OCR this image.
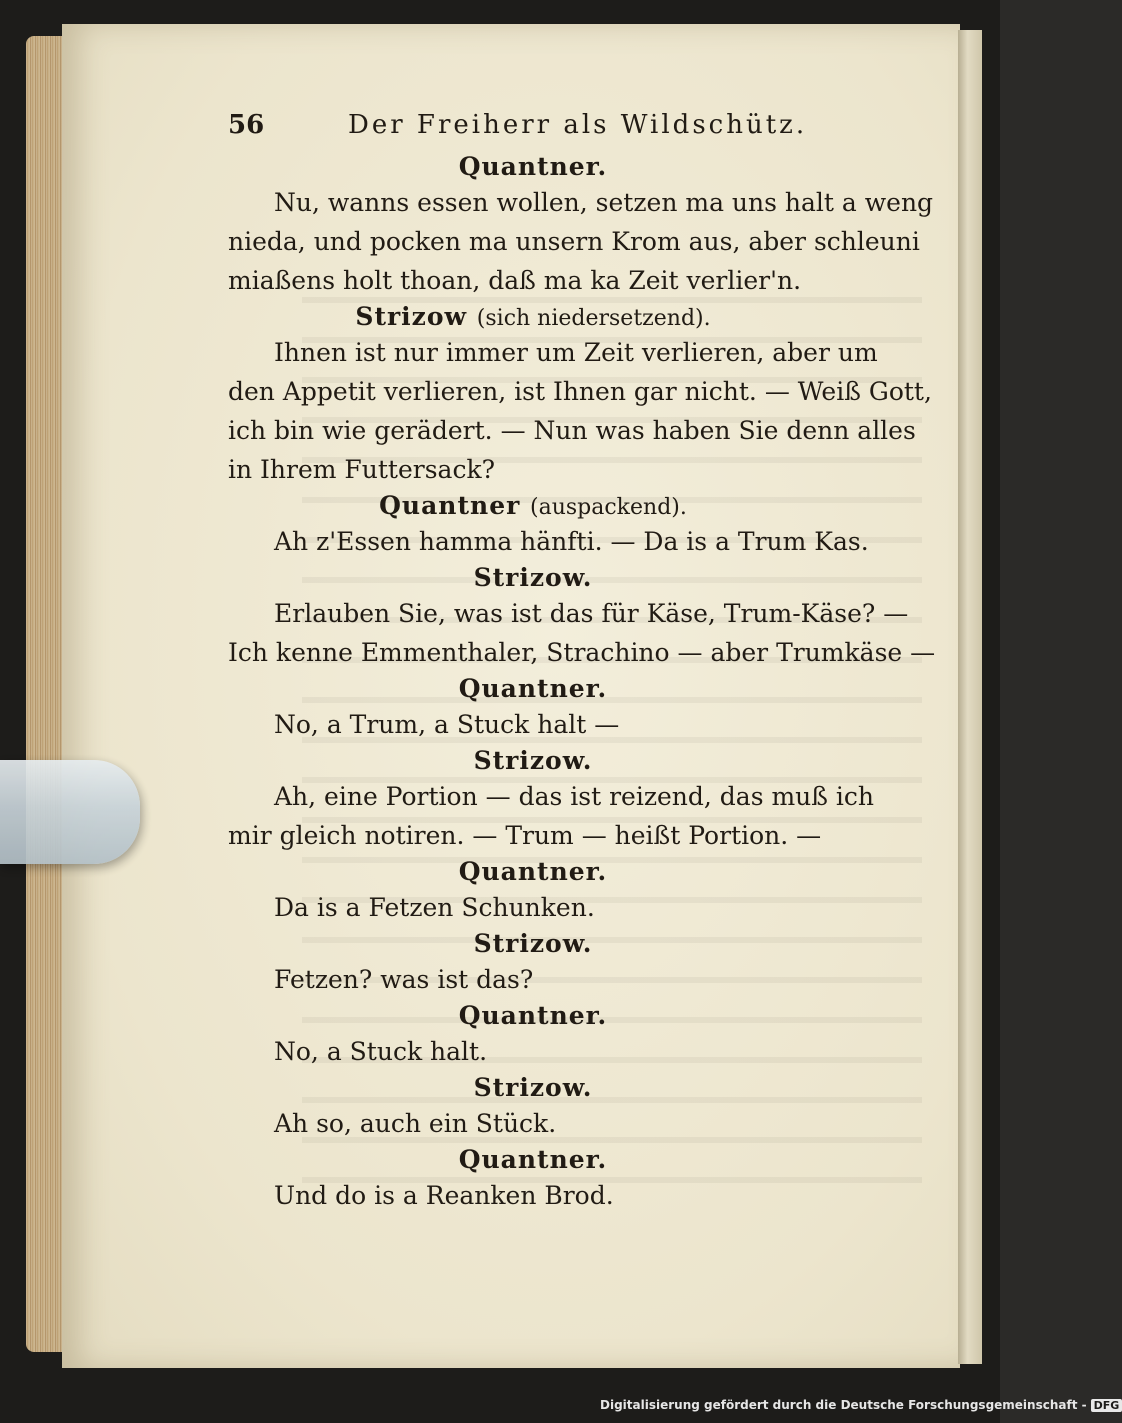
56	Der Freiherr als Wildschütz.
Quantner.
Nu, wanns essen wollen, setzen ma uns halt a weng
nieda, und pocken ma unsern Krom aus, aber schleuni
miaßens holt thoan, daß ma ka Zeit verlier'n.
Strizow (sich niedersetzend).
Ihnen ist nur immer um Zeit verlieren, aber um
den Appetit verlieren, ist Ihnen gar nicht. — Weiß Gott,
ich bin wie gerädert. — Nun was haben Sie denn alles
in Ihrem Futtersack?
Quantner (auspackend).
Ah z'Essen hamma hänfti. — Da is a Trum Kas.
Strizow.
Erlauben Sie, was ist das für Käse, Trum-Käse? —
Ich kenne Emmenthaler, Strachino — aber Trumkäse —
Quantner.
No, a Trum, a Stuck halt —
Strizow.
Ah, eine Portion — das ist reizend, das muß ich
mir gleich notiren. — Trum — heißt Portion. —
Quantner.
Da is a Fetzen Schunken.
Strizow.
Fetzen? was ist das?
Quantner.
No, a Stuck halt.
Strizow.
Ah so, auch ein Stück.
Quantner.
Und do is a Reanken Brod.
Digitalisierung gefördert durch die Deutsche Forschungsgemeinschaft - DFG
